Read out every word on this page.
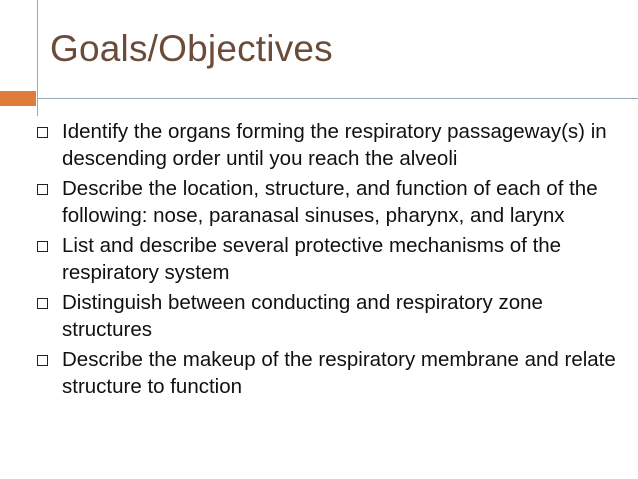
Goals/Objectives
Identify the organs forming the respiratory passageway(s) in descending order until you reach the alveoli
Describe the location, structure, and function of each of the following: nose, paranasal sinuses, pharynx, and larynx
List and describe several protective mechanisms of the respiratory system
Distinguish between conducting and respiratory zone structures
Describe the makeup of the respiratory membrane and relate structure to function
